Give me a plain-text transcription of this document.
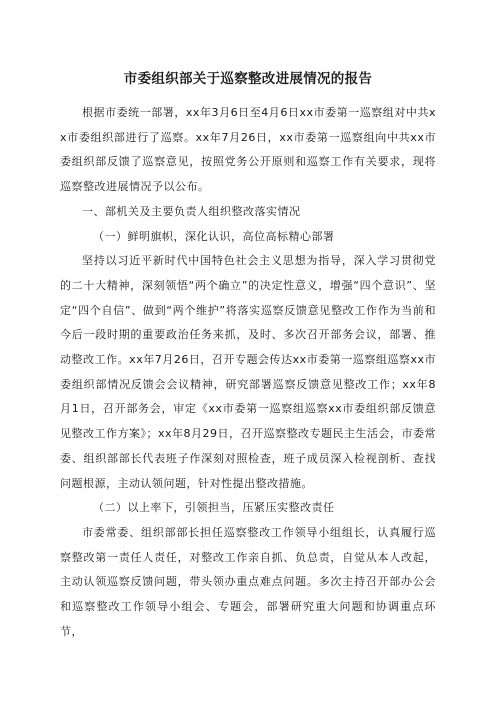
市委组织部关于巡察整改进展情况的报告

根据市委统一部署，xx年3月6日至4月6日xx市委第一巡察组对中共xx市委组织部进行了巡察。xx年7月26日，xx市委第一巡察组向中共xx市委组织部反馈了巡察意见，按照党务公开原则和巡察工作有关要求，现将巡察整改进展情况予以公布。

一、部机关及主要负责人组织整改落实情况

（一）鲜明旗帜，深化认识，高位高标精心部署

坚持以习近平新时代中国特色社会主义思想为指导，深入学习贯彻党的二十大精神，深刻领悟“两个确立”的决定性意义，增强“四个意识”、坚定“四个自信”、做到“两个维护”将落实巡察反馈意见整改工作作为当前和今后一段时期的重要政治任务来抓，及时、多次召开部务会议，部署、推动整改工作。xx年7月26日，召开专题会传达xx市委第一巡察组巡察xx市委组织部情况反馈会会议精神，研究部署巡察反馈意见整改工作；xx年8月1日，召开部务会，审定《xx市委第一巡察组巡察xx市委组织部反馈意见整改工作方案》；xx年8月29日，召开巡察整改专题民主生活会，市委常委、组织部部长代表班子作深刻对照检查，班子成员深入检视剖析、查找问题根源，主动认领问题，针对性提出整改措施。

（二）以上率下，引领担当，压紧压实整改责任

市委常委、组织部部长担任巡察整改工作领导小组组长，认真履行巡察整改第一责任人责任，对整改工作亲自抓、负总责，自觉从本人改起，主动认领巡察反馈问题，带头领办重点难点问题。多次主持召开部办公会和巡察整改工作领导小组会、专题会，部署研究重大问题和协调重点环节，
